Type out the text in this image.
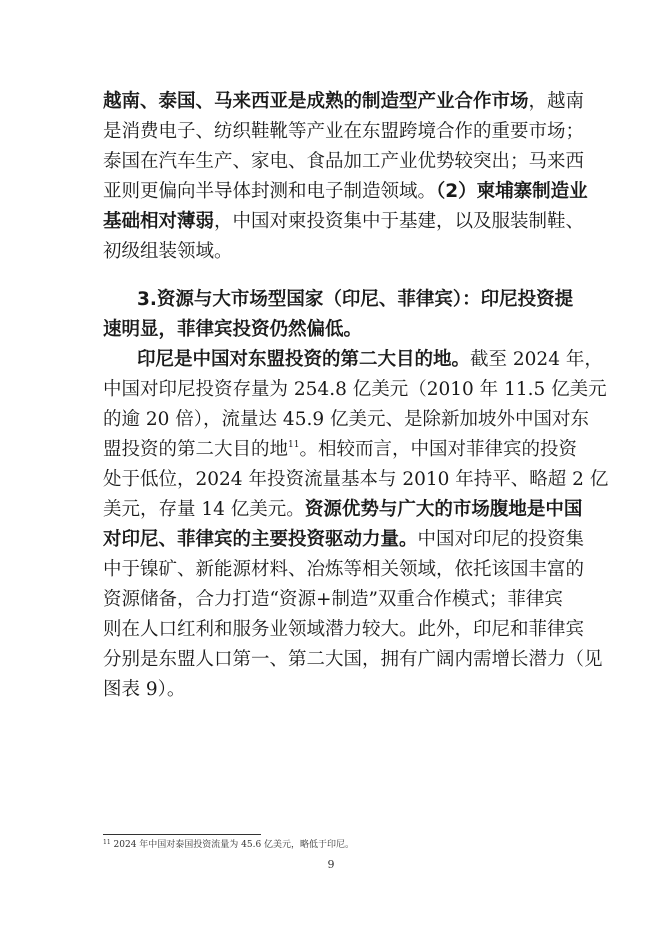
越南、泰国、马来西亚是成熟的制造型产业合作市场，越南
是消费电子、纺织鞋靴等产业在东盟跨境合作的重要市场；
泰国在汽车生产、家电、食品加工产业优势较突出；马来西
亚则更偏向半导体封测和电子制造领域。（2）柬埔寨制造业
基础相对薄弱，中国对柬投资集中于基建，以及服装制鞋、
初级组装领域。
3.资源与大市场型国家（印尼、菲律宾）：印尼投资提
速明显，菲律宾投资仍然偏低。
印尼是中国对东盟投资的第二大目的地。截至 2024 年，
中国对印尼投资存量为 254.8 亿美元（2010 年 11.5 亿美元
的逾 20 倍），流量达 45.9 亿美元、是除新加坡外中国对东
盟投资的第二大目的地$^{11}$。相较而言，中国对菲律宾的投资
处于低位，2024 年投资流量基本与 2010 年持平、略超 2 亿
美元，存量 14 亿美元。资源优势与广大的市场腹地是中国
对印尼、菲律宾的主要投资驱动力量。中国对印尼的投资集
中于镍矿、新能源材料、冶炼等相关领域，依托该国丰富的
资源储备，合力打造“资源+制造”双重合作模式；菲律宾
则在人口红利和服务业领域潜力较大。此外，印尼和菲律宾
分别是东盟人口第一、第二大国，拥有广阔内需增长潜力（见
图表 9）。
$^{11}$ 2024 年中国对泰国投资流量为 45.6 亿美元，略低于印尼。
9
